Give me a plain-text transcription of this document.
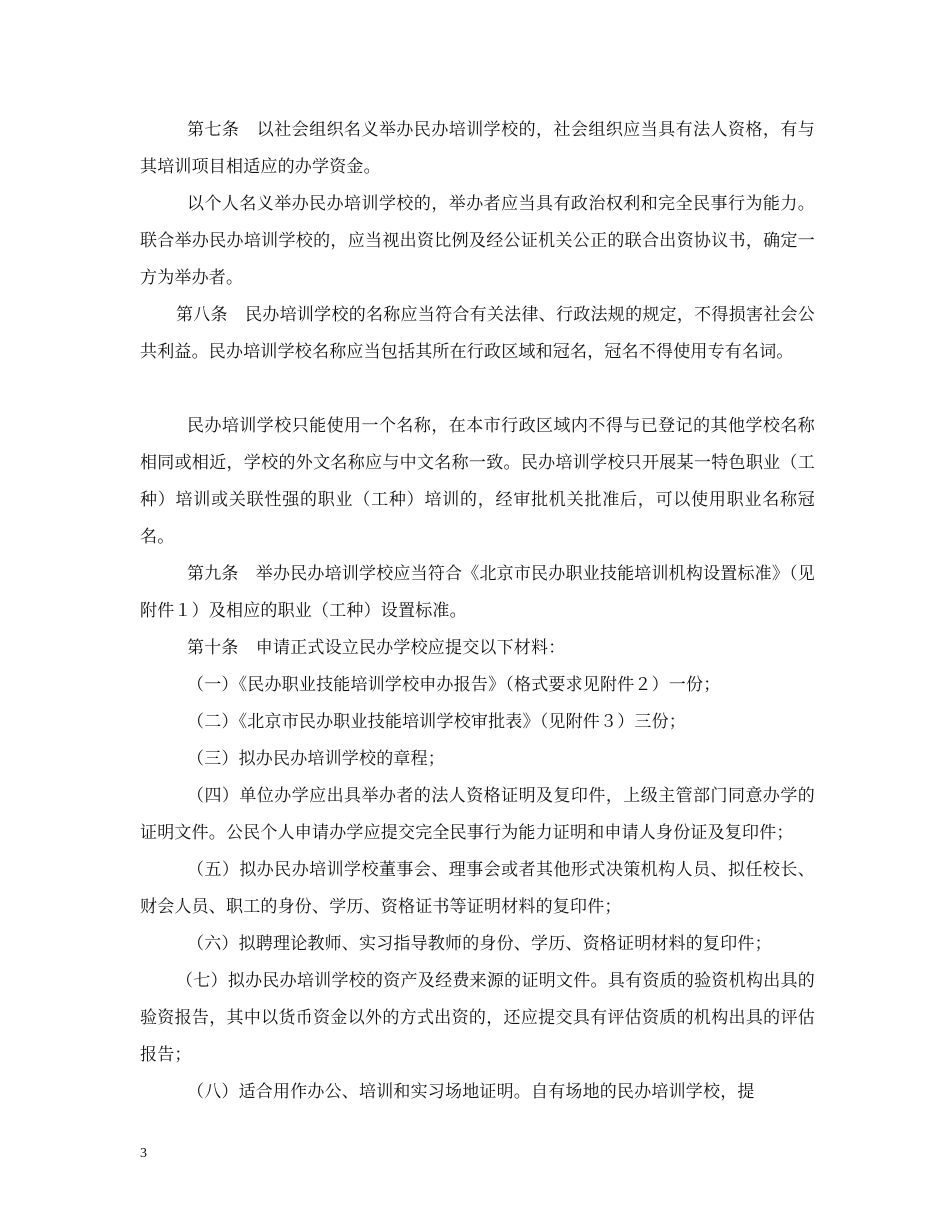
第七条　以社会组织名义举办民办培训学校的，社会组织应当具有法人资格，有与其培训项目相适应的办学资金。

以个人名义举办民办培训学校的，举办者应当具有政治权利和完全民事行为能力。联合举办民办培训学校的，应当视出资比例及经公证机关公正的联合出资协议书，确定一方为举办者。

第八条　民办培训学校的名称应当符合有关法律、行政法规的规定，不得损害社会公共利益。民办培训学校名称应当包括其所在行政区域和冠名，冠名不得使用专有名词。

民办培训学校只能使用一个名称，在本市行政区域内不得与已登记的其他学校名称相同或相近，学校的外文名称应与中文名称一致。民办培训学校只开展某一特色职业（工种）培训或关联性强的职业（工种）培训的，经审批机关批准后，可以使用职业名称冠名。

第九条　举办民办培训学校应当符合《北京市民办职业技能培训机构设置标准》（见附件１）及相应的职业（工种）设置标准。

第十条　申请正式设立民办学校应提交以下材料：

（一）《民办职业技能培训学校申办报告》（格式要求见附件２）一份；

（二）《北京市民办职业技能培训学校审批表》（见附件３）三份；

（三）拟办民办培训学校的章程；

（四）单位办学应出具举办者的法人资格证明及复印件，上级主管部门同意办学的证明文件。公民个人申请办学应提交完全民事行为能力证明和申请人身份证及复印件；

（五）拟办民办培训学校董事会、理事会或者其他形式决策机构人员、拟任校长、财会人员、职工的身份、学历、资格证书等证明材料的复印件；

（六）拟聘理论教师、实习指导教师的身份、学历、资格证明材料的复印件；

（七）拟办民办培训学校的资产及经费来源的证明文件。具有资质的验资机构出具的验资报告，其中以货币资金以外的方式出资的，还应提交具有评估资质的机构出具的评估报告；

（八）适合用作办公、培训和实习场地证明。自有场地的民办培训学校，提

3
